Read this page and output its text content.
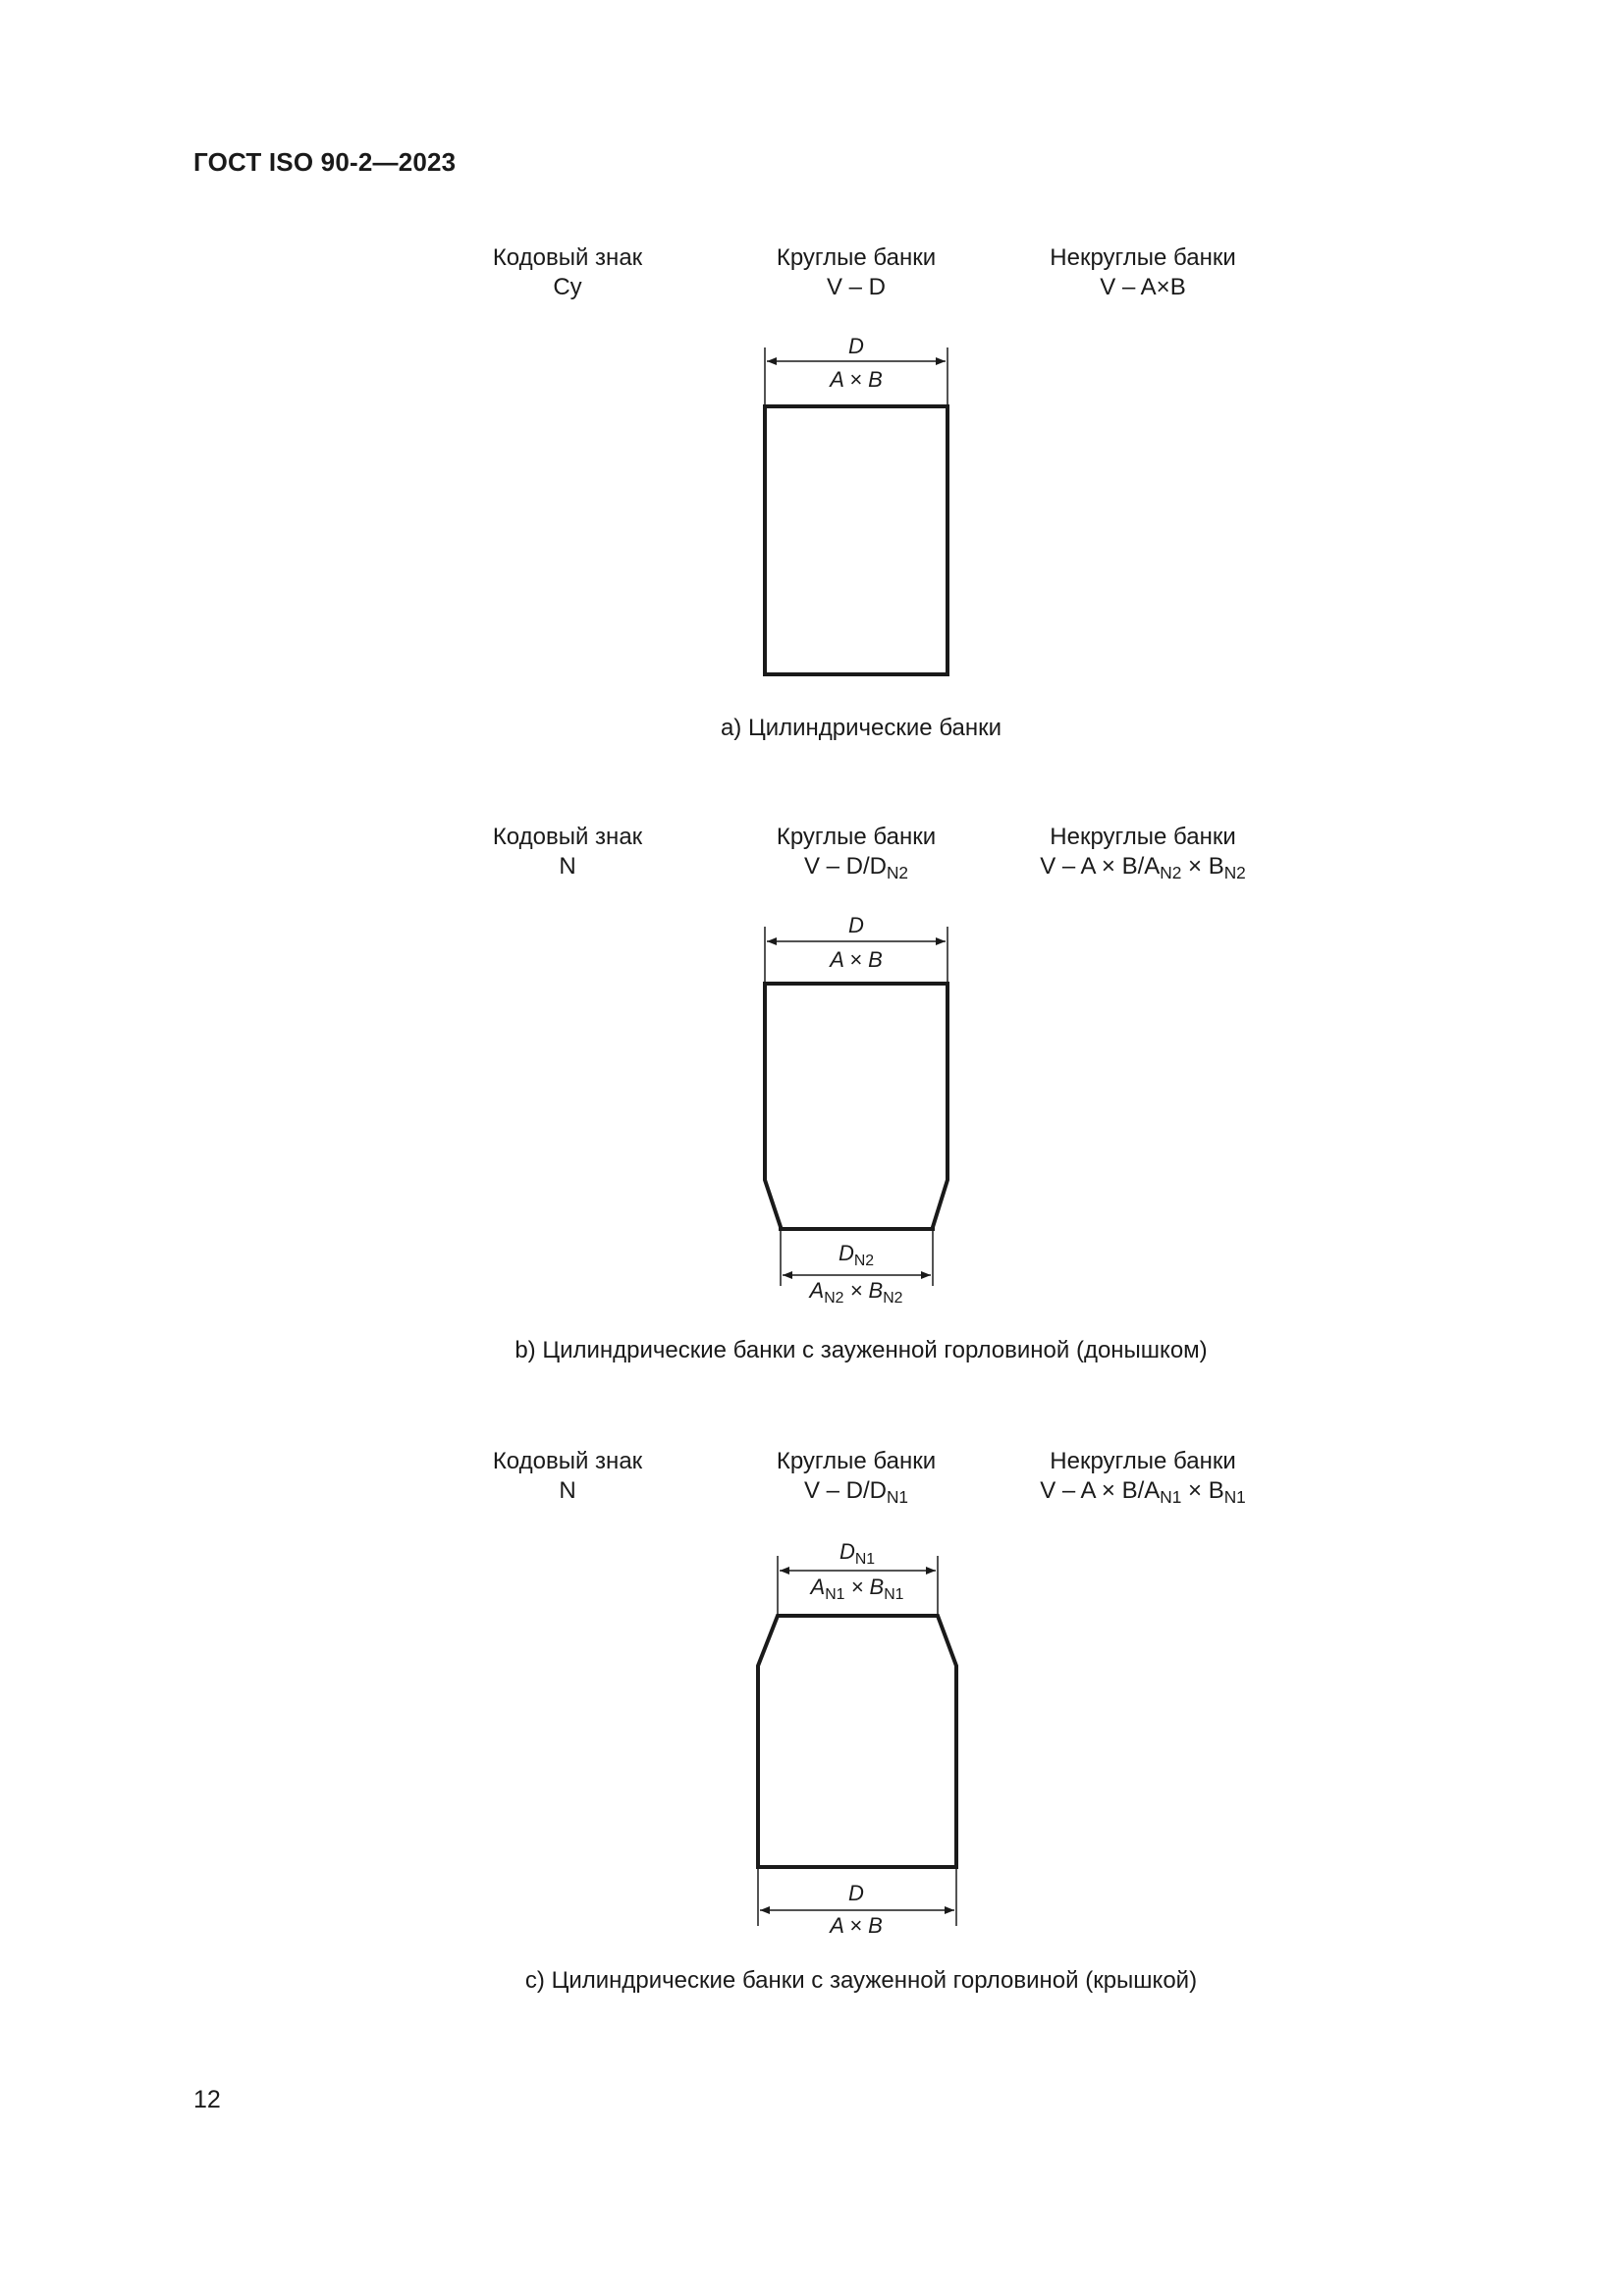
ГОСТ ISO 90-2—2023
Кодовый знак
Cy
Круглые банки
V – D
Некруглые банки
V – A×B
D
A × B
а) Цилиндрические банки
Кодовый знак
N
Круглые банки
V – $D/D_{N2}$
Некруглые банки
$V - A \times B/A_{N2} \times B_{N2}$
D
A × B
$D_{N2}$
$A_{N2} \times B_{N2}$
b) Цилиндрические банки с зауженной горловиной (донышком)
Кодовый знак
N
Круглые банки
V – $D/D_{N1}$
Некруглые банки
$V - A \times B/A_{N1} \times B_{N1}$
$D_{N1}$
$A_{N1} \times B_{N1}$
D
A × B
c) Цилиндрические банки с зауженной горловиной (крышкой)
12
